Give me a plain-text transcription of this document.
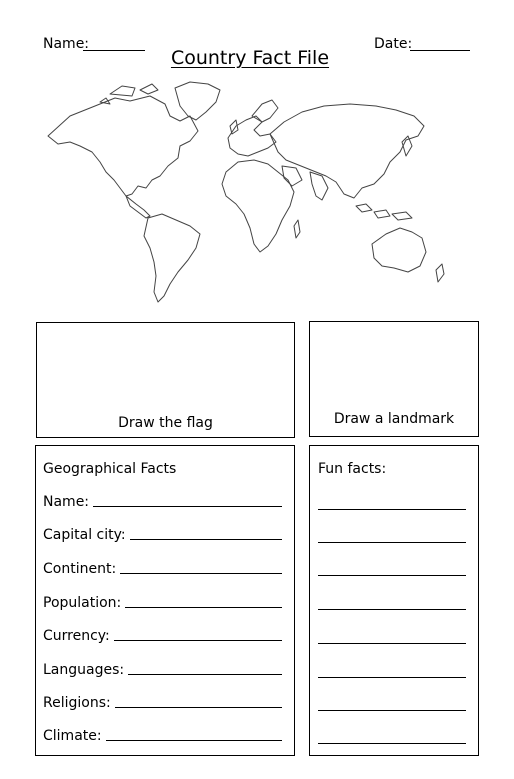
Name:	Date:
Country Fact File
Draw the flag	Draw a landmark
Geographical Facts
Name:
Capital city:
Continent:
Population:
Currency:
Languages:
Religions:
Climate:
Fun facts:
